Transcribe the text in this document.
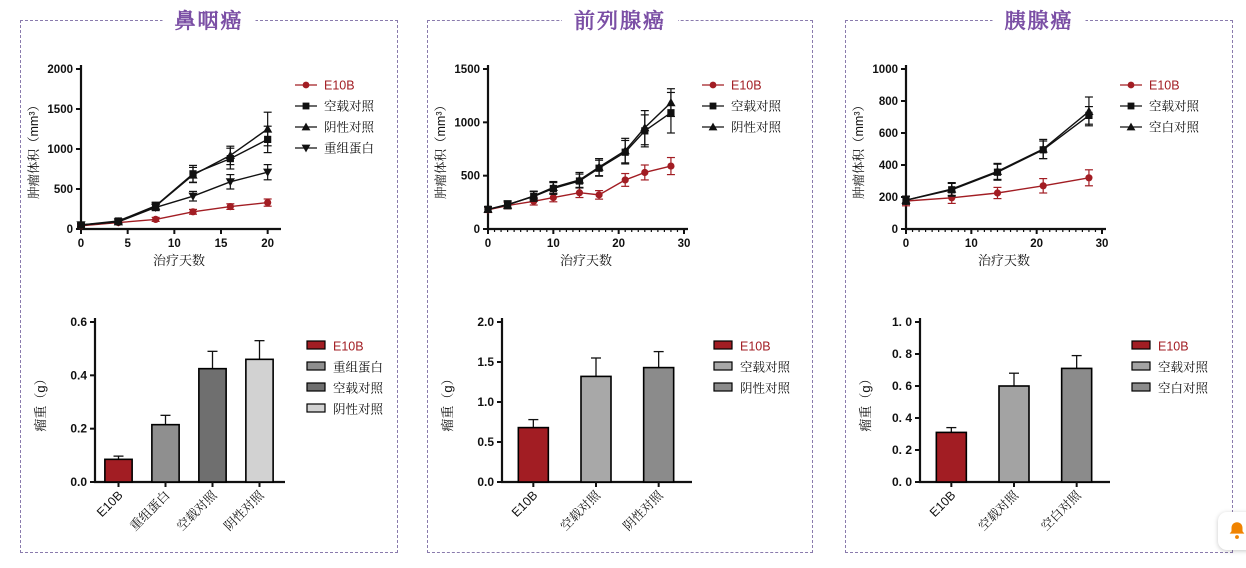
鼻咽癌
0
500
1000
1500
2000
0	5	10	15	20
肿瘤体积（mm³）
治疗天数
E10B
空载对照
阴性对照
重组蛋白
0.0
0.2
0.4
0.6
瘤重（g）
E10B 重组蛋白 空载对照 阴性对照
E10B
重组蛋白
空载对照
阴性对照
前列腺癌
0
500
1000
1500
0	10	20	30
肿瘤体积（mm³）
治疗天数
E10B
空载对照
阴性对照
0.0
0.5
1.0
1.5
2.0
瘤重（g）
E10B 空载对照 阴性对照
E10B
空载对照
阴性对照
胰腺癌
0
200
400
600
800
1000
0	10	20	30
肿瘤体积（mm³）
治疗天数
E10B
空载对照
空白对照
0. 0
0. 2
0. 4
0. 6
0. 8
1. 0
瘤重（g）
E10B 空载对照 空白对照
E10B
空载对照
空白对照
